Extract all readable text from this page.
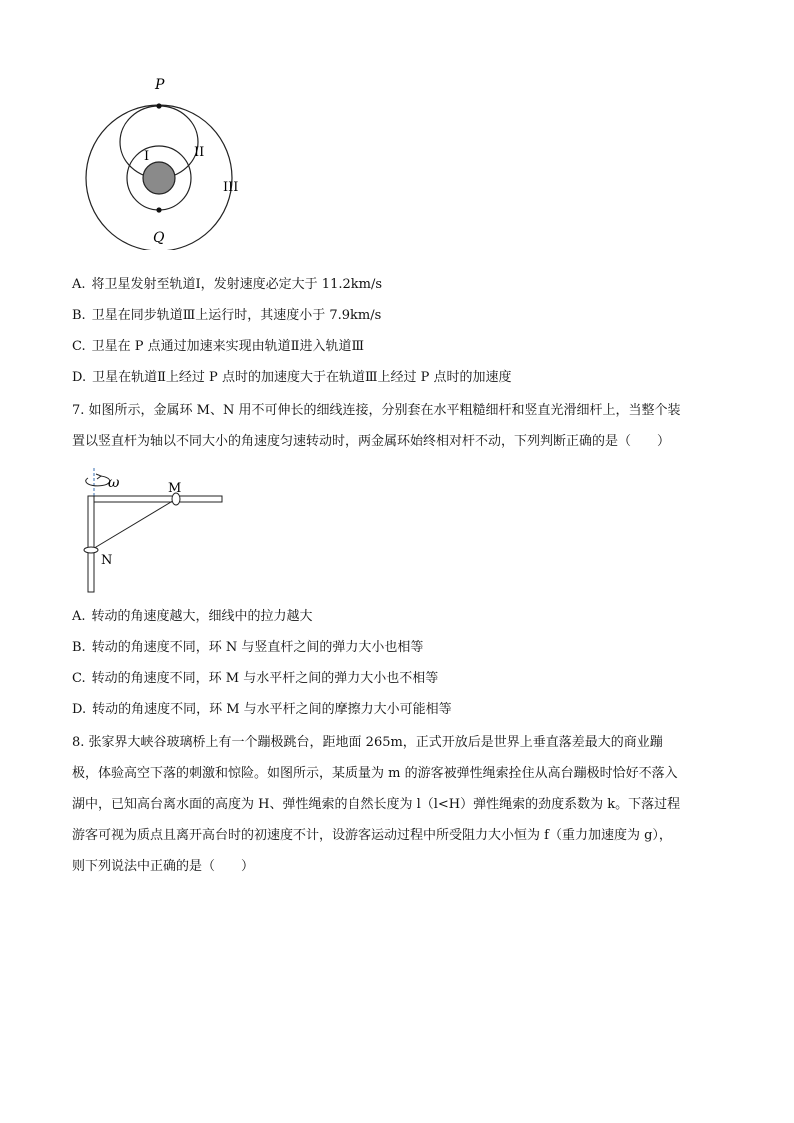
P
Q
I	II
III
A. 将卫星发射至轨道Ⅰ，发射速度必定大于 11.2km/s
B. 卫星在同步轨道Ⅲ上运行时，其速度小于 7.9km/s
C. 卫星在 P 点通过加速来实现由轨道Ⅱ进入轨道Ⅲ
D. 卫星在轨道Ⅱ上经过 P 点时的加速度大于在轨道Ⅲ上经过 P 点时的加速度
7. 如图所示，金属环 M、N 用不可伸长的细线连接，分别套在水平粗糙细杆和竖直光滑细杆上，当整个装
置以竖直杆为轴以不同大小的角速度匀速转动时，两金属环始终相对杆不动，下列判断正确的是（　　）
ω	M
N
A. 转动的角速度越大，细线中的拉力越大
B. 转动的角速度不同，环 N 与竖直杆之间的弹力大小也相等
C. 转动的角速度不同，环 M 与水平杆之间的弹力大小也不相等
D. 转动的角速度不同，环 M 与水平杆之间的摩擦力大小可能相等
8. 张家界大峡谷玻璃桥上有一个蹦极跳台，距地面 265m，正式开放后是世界上垂直落差最大的商业蹦
极，体验高空下落的刺激和惊险。如图所示，某质量为 m 的游客被弹性绳索拴住从高台蹦极时恰好不落入
湖中，已知高台离水面的高度为 H、弹性绳索的自然长度为 l（l<H）弹性绳索的劲度系数为 k。下落过程
游客可视为质点且离开高台时的初速度不计，设游客运动过程中所受阻力大小恒为 f（重力加速度为 g），
则下列说法中正确的是（　　）
